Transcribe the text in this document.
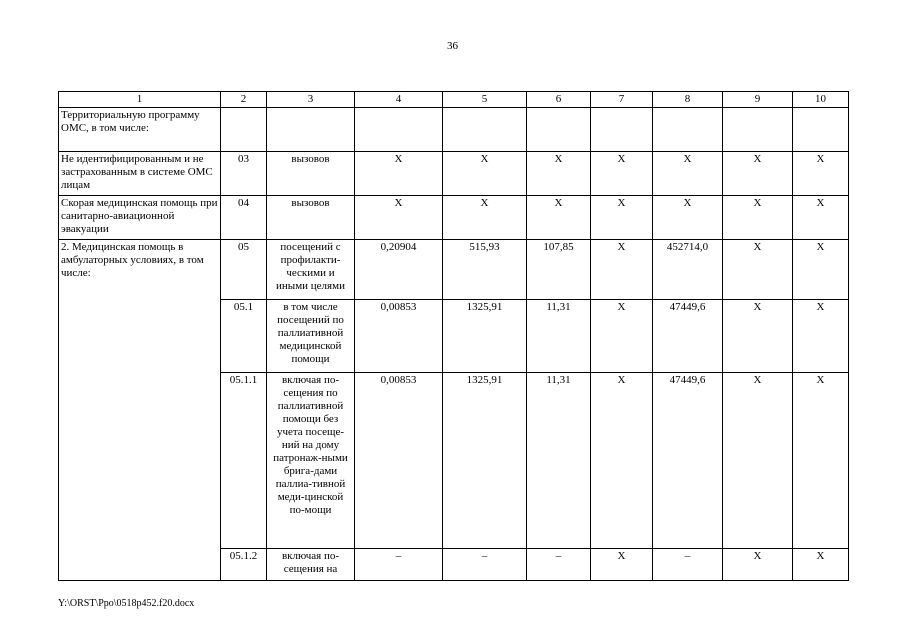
36
1	2	3	4	5	6	7	8	9	10
Территориальную программу ОМС, в том числе:									
Не идентифицированным и не застрахованным в системе ОМС лицам	03	вызовов	Х	Х	Х	Х	Х	Х	Х
Скорая медицинская помощь при санитарно-авиационной эвакуации	04	вызовов	Х	Х	Х	Х	Х	Х	Х
2. Медицинская помощь в амбулаторных условиях, в том числе:	05	посещений с профилакти-ческими и иными целями	0,20904	515,93	107,85	Х	452714,0	Х	Х
	05.1	в том числе посещений по паллиативной медицинской помощи	0,00853	1325,91	11,31	Х	47449,6	Х	Х
	05.1.1	включая по-сещения по паллиативной помощи без учета посеще-ний на дому патронаж-ными брига-дами паллиа-тивной меди-цинской по-мощи	0,00853	1325,91	11,31	Х	47449,6	Х	Х
	05.1.2	включая по-сещения на	–	–	–	Х	–	Х	Х
Y:\ORST\Ppo\0518p452.f20.docx
